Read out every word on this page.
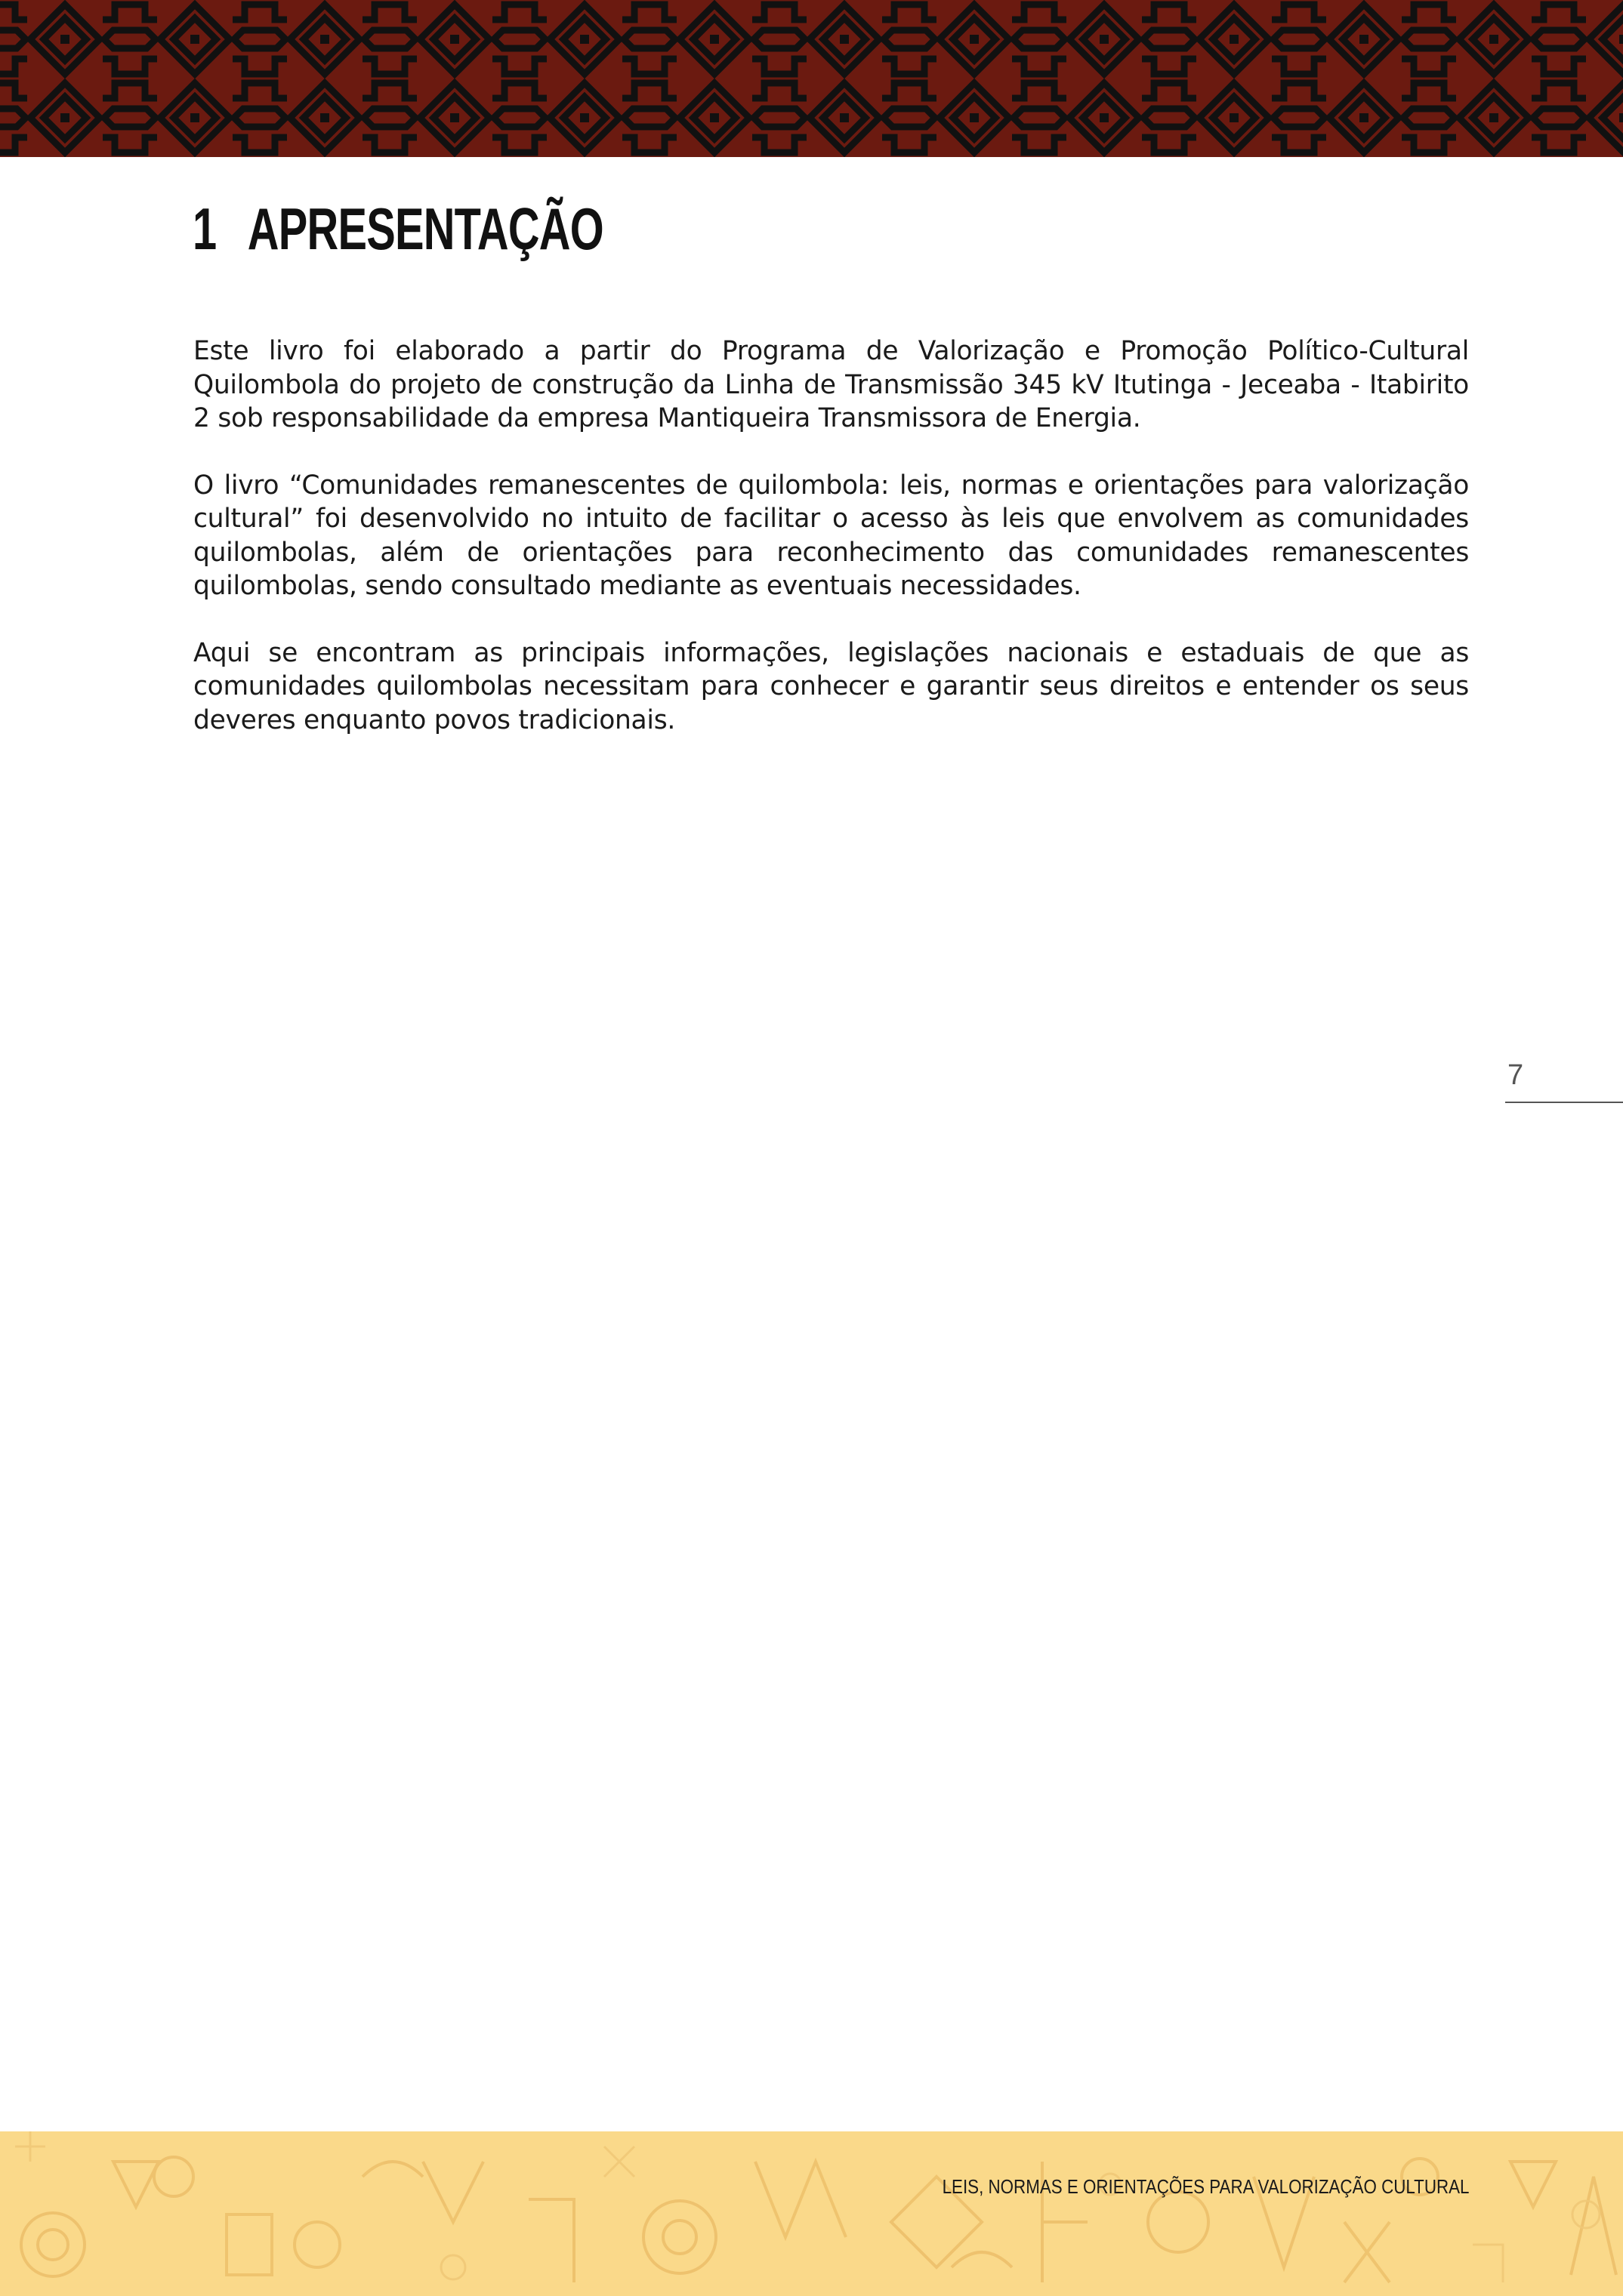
1 APRESENTAÇÃO

Este livro foi elaborado a partir do Programa de Valorização e Promoção Político-Cultural Quilombola do projeto de construção da Linha de Transmissão 345 kV Itutinga - Jeceaba - Itabirito 2 sob responsabilidade da empresa Mantiqueira Transmissora de Energia.

O livro “Comunidades remanescentes de quilombola: leis, normas e orientações para valorização cultural” foi desenvolvido no intuito de facilitar o acesso às leis que envolvem as comunidades quilombolas, além de orientações para reconhecimento das comunidades remanescentes quilombolas, sendo consultado mediante as eventuais necessidades.

Aqui se encontram as principais informações, legislações nacionais e estaduais de que as comunidades quilombolas necessitam para conhecer e garantir seus direitos e entender os seus deveres enquanto povos tradicionais.

7
LEIS, NORMAS E ORIENTAÇÕES PARA VALORIZAÇÃO CULTURAL
